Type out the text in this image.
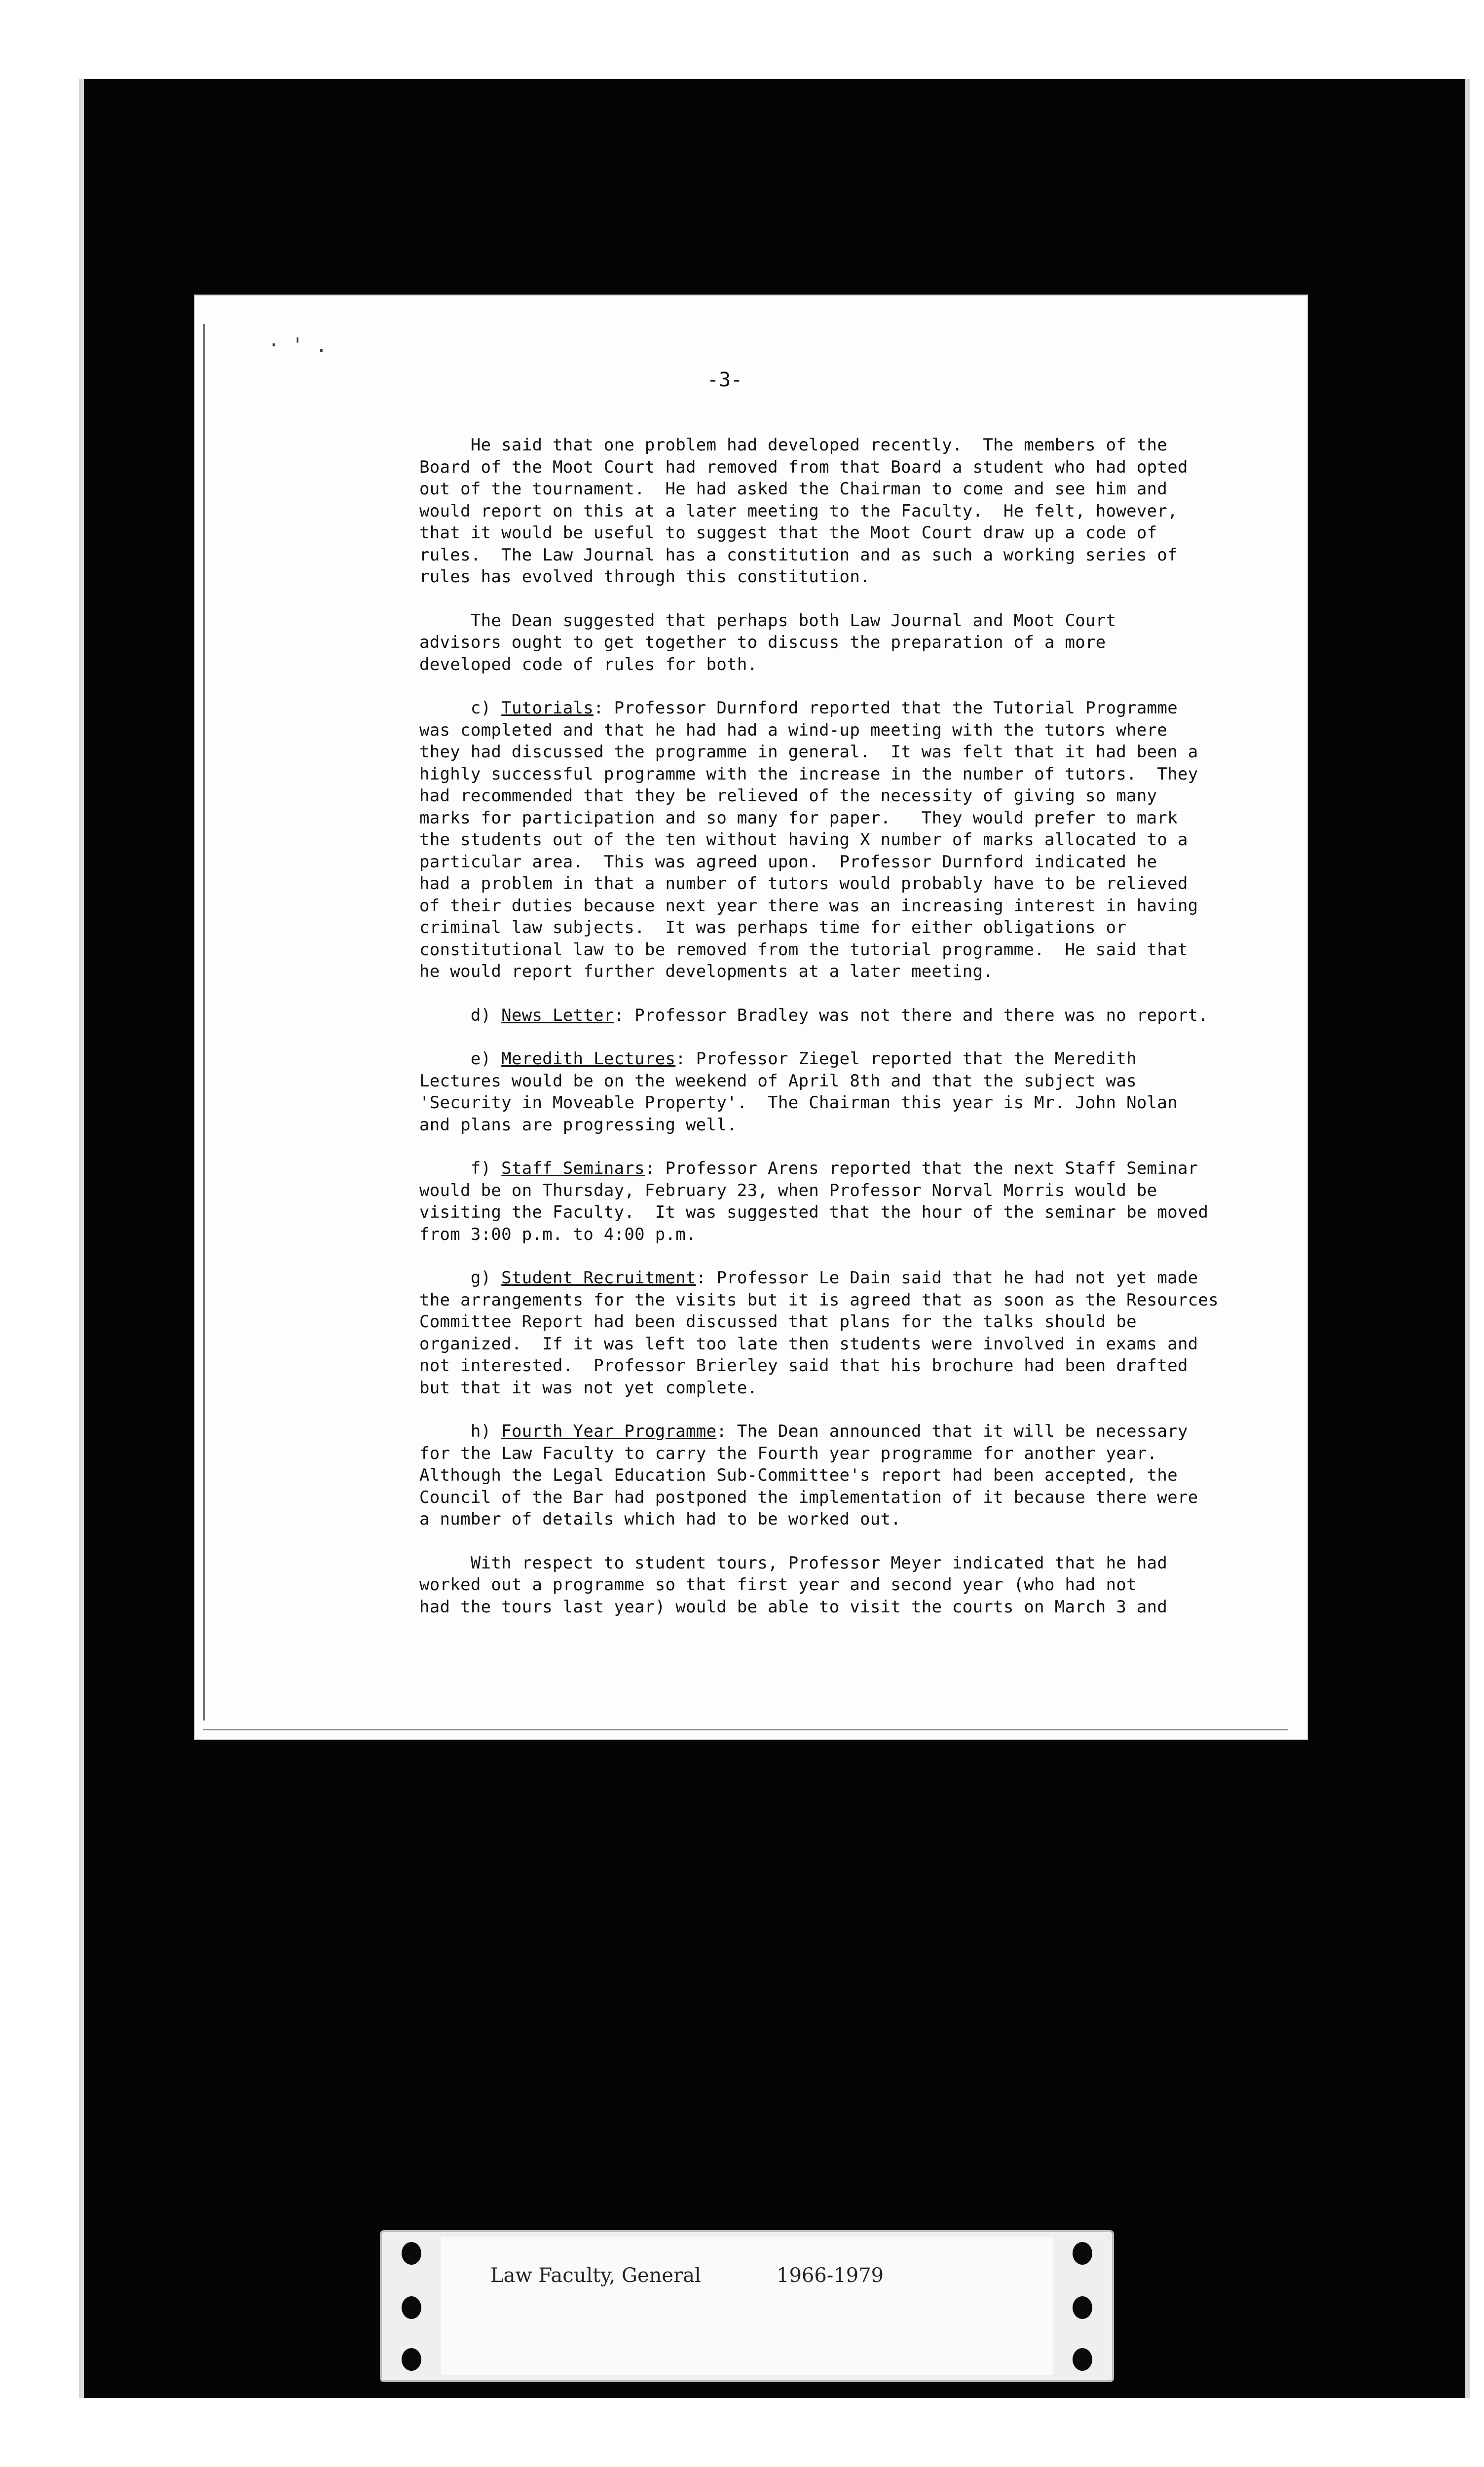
· ' .
-3-
He said that one problem had developed recently.  The members of the
Board of the Moot Court had removed from that Board a student who had opted
out of the tournament.  He had asked the Chairman to come and see him and
would report on this at a later meeting to the Faculty.  He felt, however,
that it would be useful to suggest that the Moot Court draw up a code of
rules.  The Law Journal has a constitution and as such a working series of
rules has evolved through this constitution.
The Dean suggested that perhaps both Law Journal and Moot Court
advisors ought to get together to discuss the preparation of a more
developed code of rules for both.
c) Tutorials: Professor Durnford reported that the Tutorial Programme
was completed and that he had had a wind-up meeting with the tutors where
they had discussed the programme in general.  It was felt that it had been a
highly successful programme with the increase in the number of tutors.  They
had recommended that they be relieved of the necessity of giving so many
marks for participation and so many for paper.   They would prefer to mark
the students out of the ten without having X number of marks allocated to a
particular area.  This was agreed upon.  Professor Durnford indicated he
had a problem in that a number of tutors would probably have to be relieved
of their duties because next year there was an increasing interest in having
criminal law subjects.  It was perhaps time for either obligations or
constitutional law to be removed from the tutorial programme.  He said that
he would report further developments at a later meeting.
d) News Letter: Professor Bradley was not there and there was no report.
e) Meredith Lectures: Professor Ziegel reported that the Meredith
Lectures would be on the weekend of April 8th and that the subject was
'Security in Moveable Property'.  The Chairman this year is Mr. John Nolan
and plans are progressing well.
f) Staff Seminars: Professor Arens reported that the next Staff Seminar
would be on Thursday, February 23, when Professor Norval Morris would be
visiting the Faculty.  It was suggested that the hour of the seminar be moved
from 3:00 p.m. to 4:00 p.m.
g) Student Recruitment: Professor Le Dain said that he had not yet made
the arrangements for the visits but it is agreed that as soon as the Resources
Committee Report had been discussed that plans for the talks should be
organized.  If it was left too late then students were involved in exams and
not interested.  Professor Brierley said that his brochure had been drafted
but that it was not yet complete.
h) Fourth Year Programme: The Dean announced that it will be necessary
for the Law Faculty to carry the Fourth year programme for another year.
Although the Legal Education Sub-Committee's report had been accepted, the
Council of the Bar had postponed the implementation of it because there were
a number of details which had to be worked out.
With respect to student tours, Professor Meyer indicated that he had
worked out a programme so that first year and second year (who had not
had the tours last year) would be able to visit the courts on March 3 and
Law Faculty, General	1966-1979
